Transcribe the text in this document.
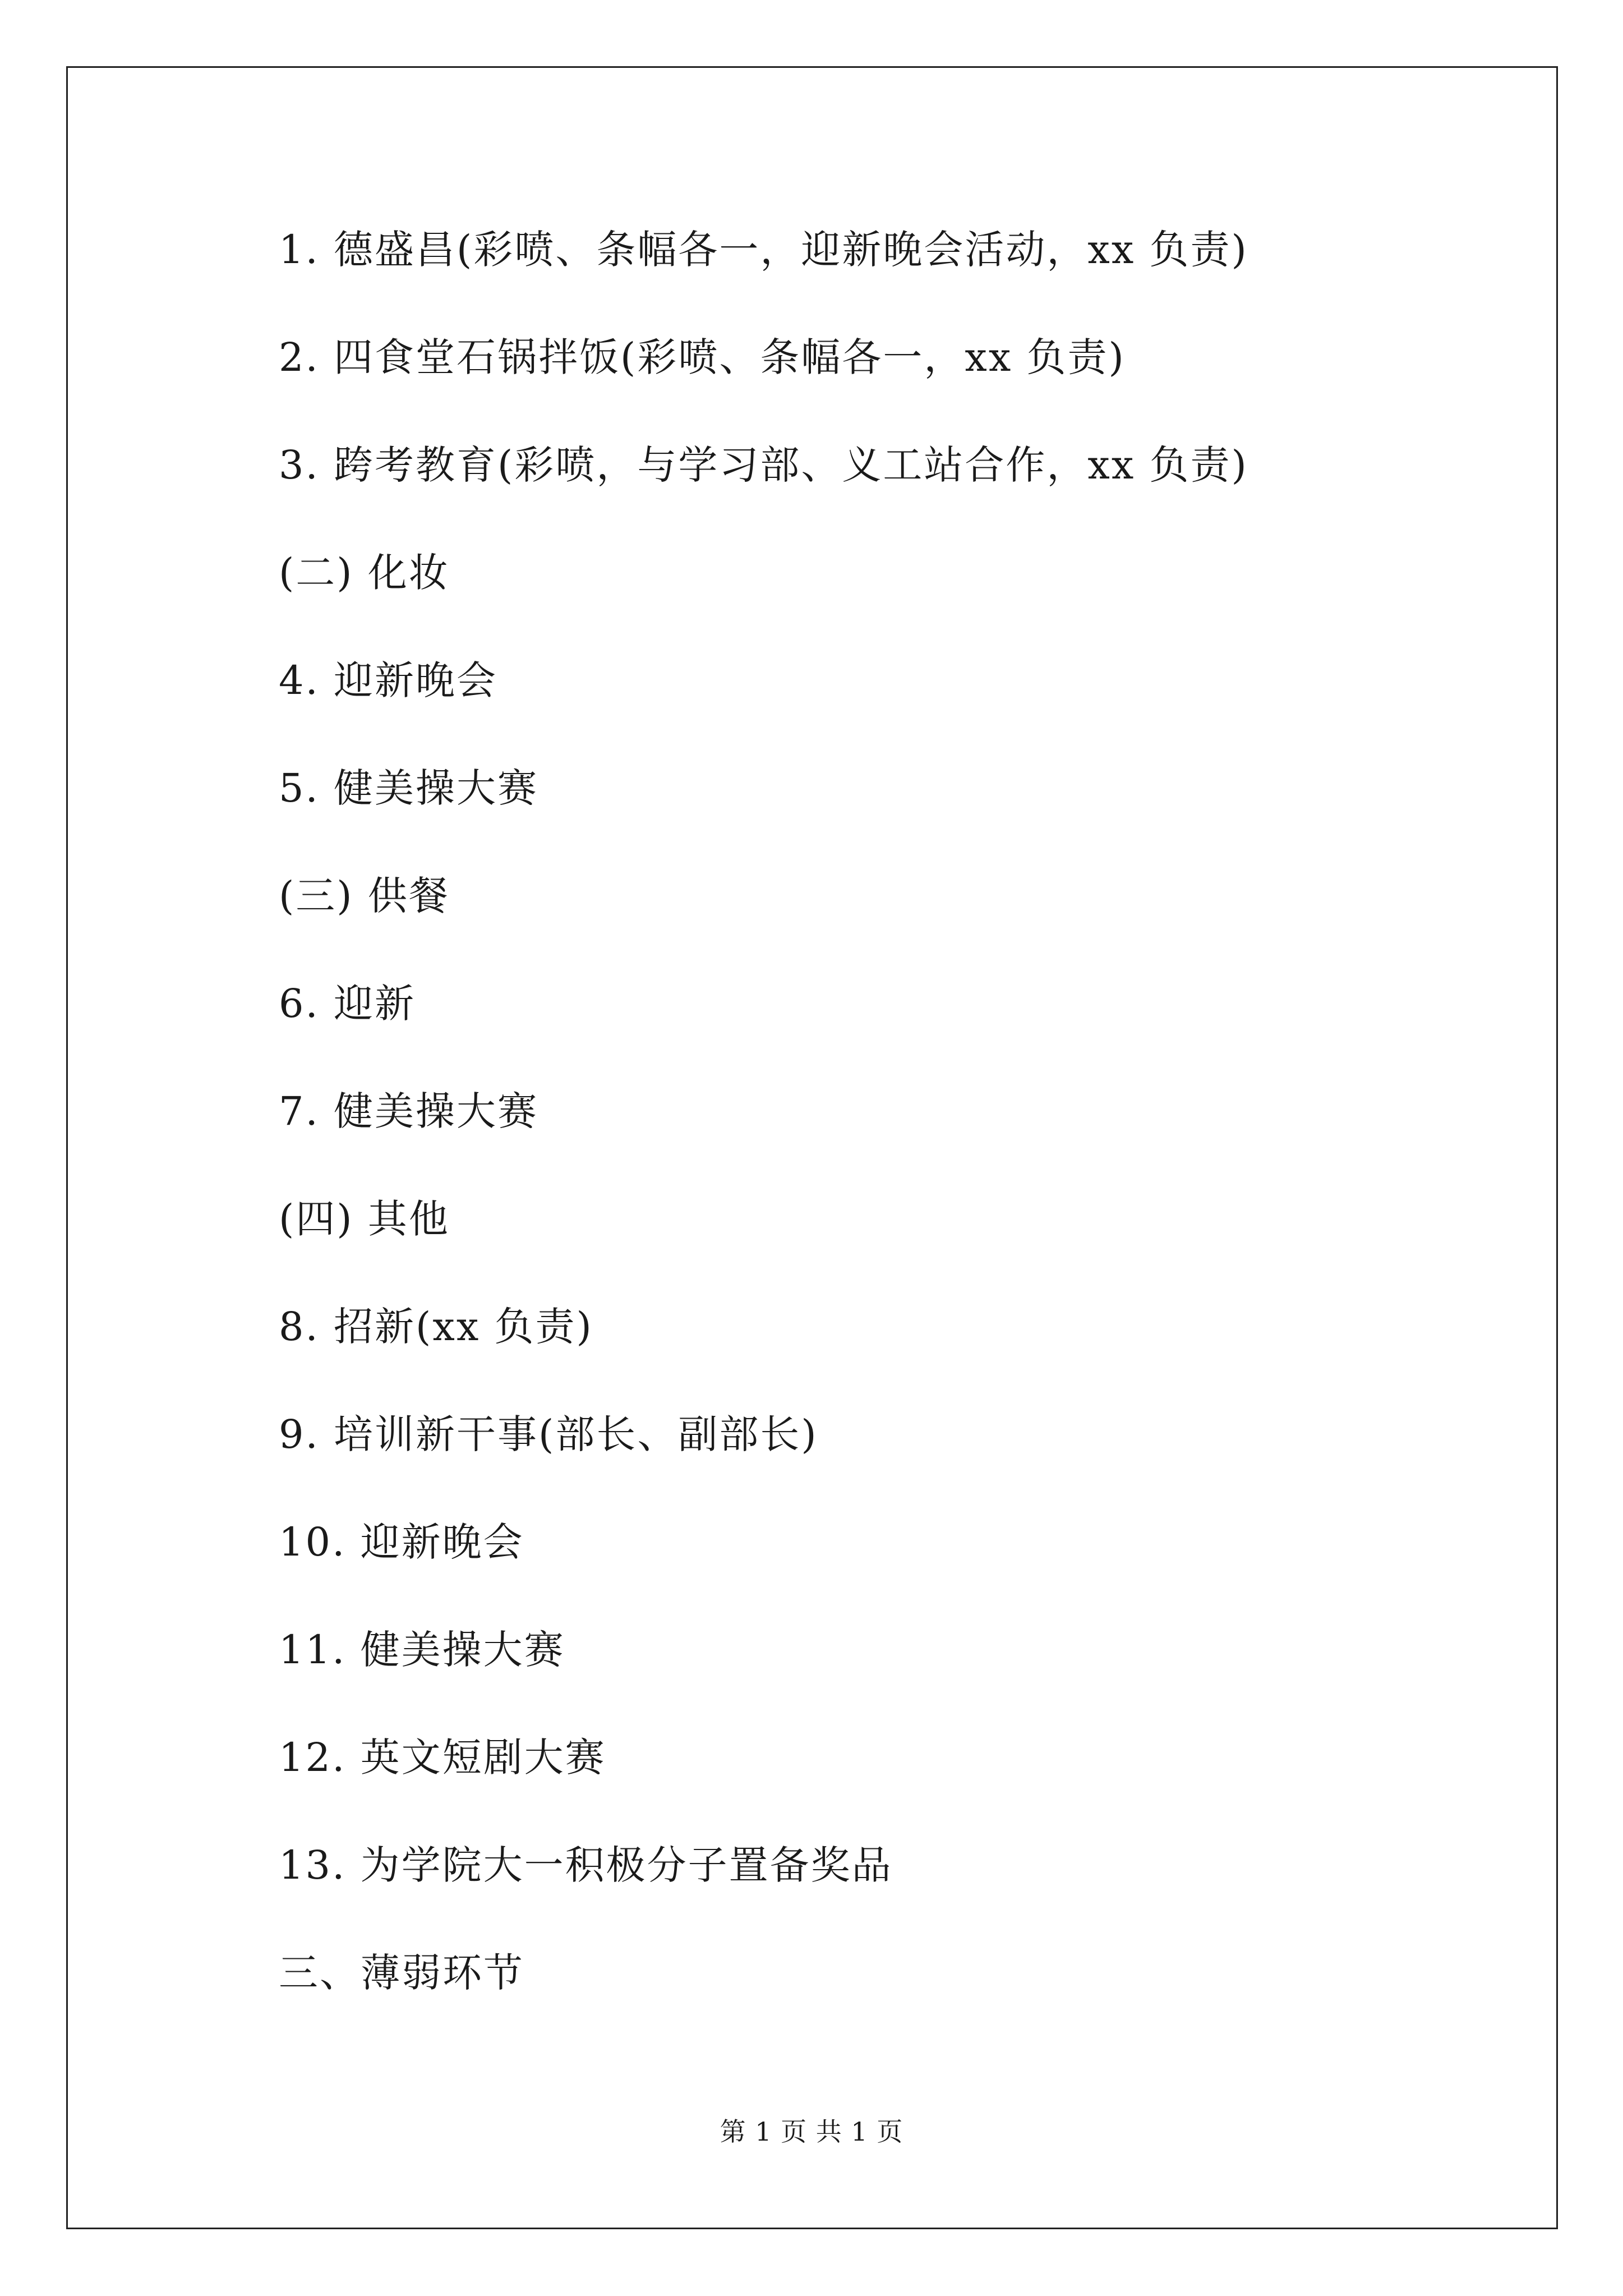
1. 德盛昌(彩喷、条幅各一，迎新晚会活动，xx 负责)
2. 四食堂石锅拌饭(彩喷、条幅各一，xx 负责)
3. 跨考教育(彩喷，与学习部、义工站合作，xx 负责)
(二) 化妆
4. 迎新晚会
5. 健美操大赛
(三) 供餐
6. 迎新
7. 健美操大赛
(四) 其他
8. 招新(xx 负责)
9. 培训新干事(部长、副部长)
10. 迎新晚会
11. 健美操大赛
12. 英文短剧大赛
13. 为学院大一积极分子置备奖品
三、薄弱环节
第 1 页 共 1 页
